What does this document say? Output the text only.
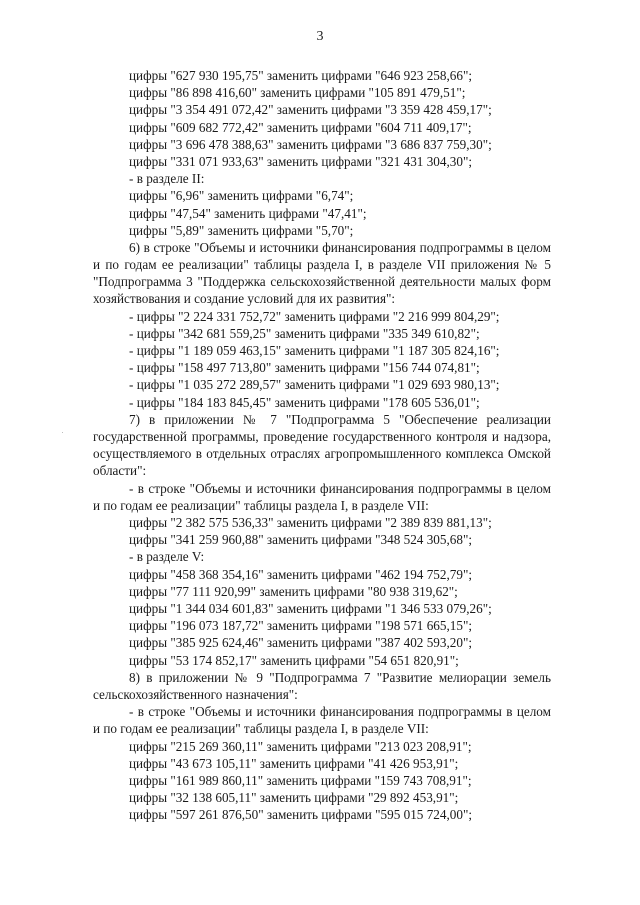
3
цифры "627 930 195,75" заменить цифрами "646 923 258,66";
цифры "86 898 416,60" заменить цифрами "105 891 479,51";
цифры "3 354 491 072,42" заменить цифрами "3 359 428 459,17";
цифры "609 682 772,42" заменить цифрами "604 711 409,17";
цифры "3 696 478 388,63" заменить цифрами "3 686 837 759,30";
цифры "331 071 933,63" заменить цифрами "321 431 304,30";
- в разделе II:
цифры "6,96" заменить цифрами "6,74";
цифры "47,54" заменить цифрами "47,41";
цифры "5,89" заменить цифрами "5,70";

6) в строке "Объемы и источники финансирования подпрограммы в целом и по годам ее реализации" таблицы раздела I, в разделе VII приложения № 5 "Подпрограмма 3 "Поддержка сельскохозяйственной деятельности малых форм хозяйствования и создание условий для их развития":

- цифры "2 224 331 752,72" заменить цифрами "2 216 999 804,29";
- цифры "342 681 559,25" заменить цифрами "335 349 610,82";
- цифры "1 189 059 463,15" заменить цифрами "1 187 305 824,16";
- цифры "158 497 713,80" заменить цифрами "156 744 074,81";
- цифры "1 035 272 289,57" заменить цифрами "1 029 693 980,13";
- цифры "184 183 845,45" заменить цифрами "178 605 536,01";

7) в приложении № 7 "Подпрограмма 5 "Обеспечение реализации государственной программы, проведение государственного контроля и надзора, осуществляемого в отдельных отраслях агропромышленного комплекса Омской области":

- в строке "Объемы и источники финансирования подпрограммы в целом и по годам ее реализации" таблицы раздела I, в разделе VII:

цифры "2 382 575 536,33" заменить цифрами "2 389 839 881,13";
цифры "341 259 960,88" заменить цифрами "348 524 305,68";
- в разделе V:
цифры "458 368 354,16" заменить цифрами "462 194 752,79";
цифры "77 111 920,99" заменить цифрами "80 938 319,62";
цифры "1 344 034 601,83" заменить цифрами "1 346 533 079,26";
цифры "196 073 187,72" заменить цифрами "198 571 665,15";
цифры "385 925 624,46" заменить цифрами "387 402 593,20";
цифры "53 174 852,17" заменить цифрами "54 651 820,91";

8) в приложении № 9 "Подпрограмма 7 "Развитие мелиорации земель сельскохозяйственного назначения":

- в строке "Объемы и источники финансирования подпрограммы в целом и по годам ее реализации" таблицы раздела I, в разделе VII:

цифры "215 269 360,11" заменить цифрами "213 023 208,91";
цифры "43 673 105,11" заменить цифрами "41 426 953,91";
цифры "161 989 860,11" заменить цифрами "159 743 708,91";
цифры "32 138 605,11" заменить цифрами "29 892 453,91";
цифры "597 261 876,50" заменить цифрами "595 015 724,00";
